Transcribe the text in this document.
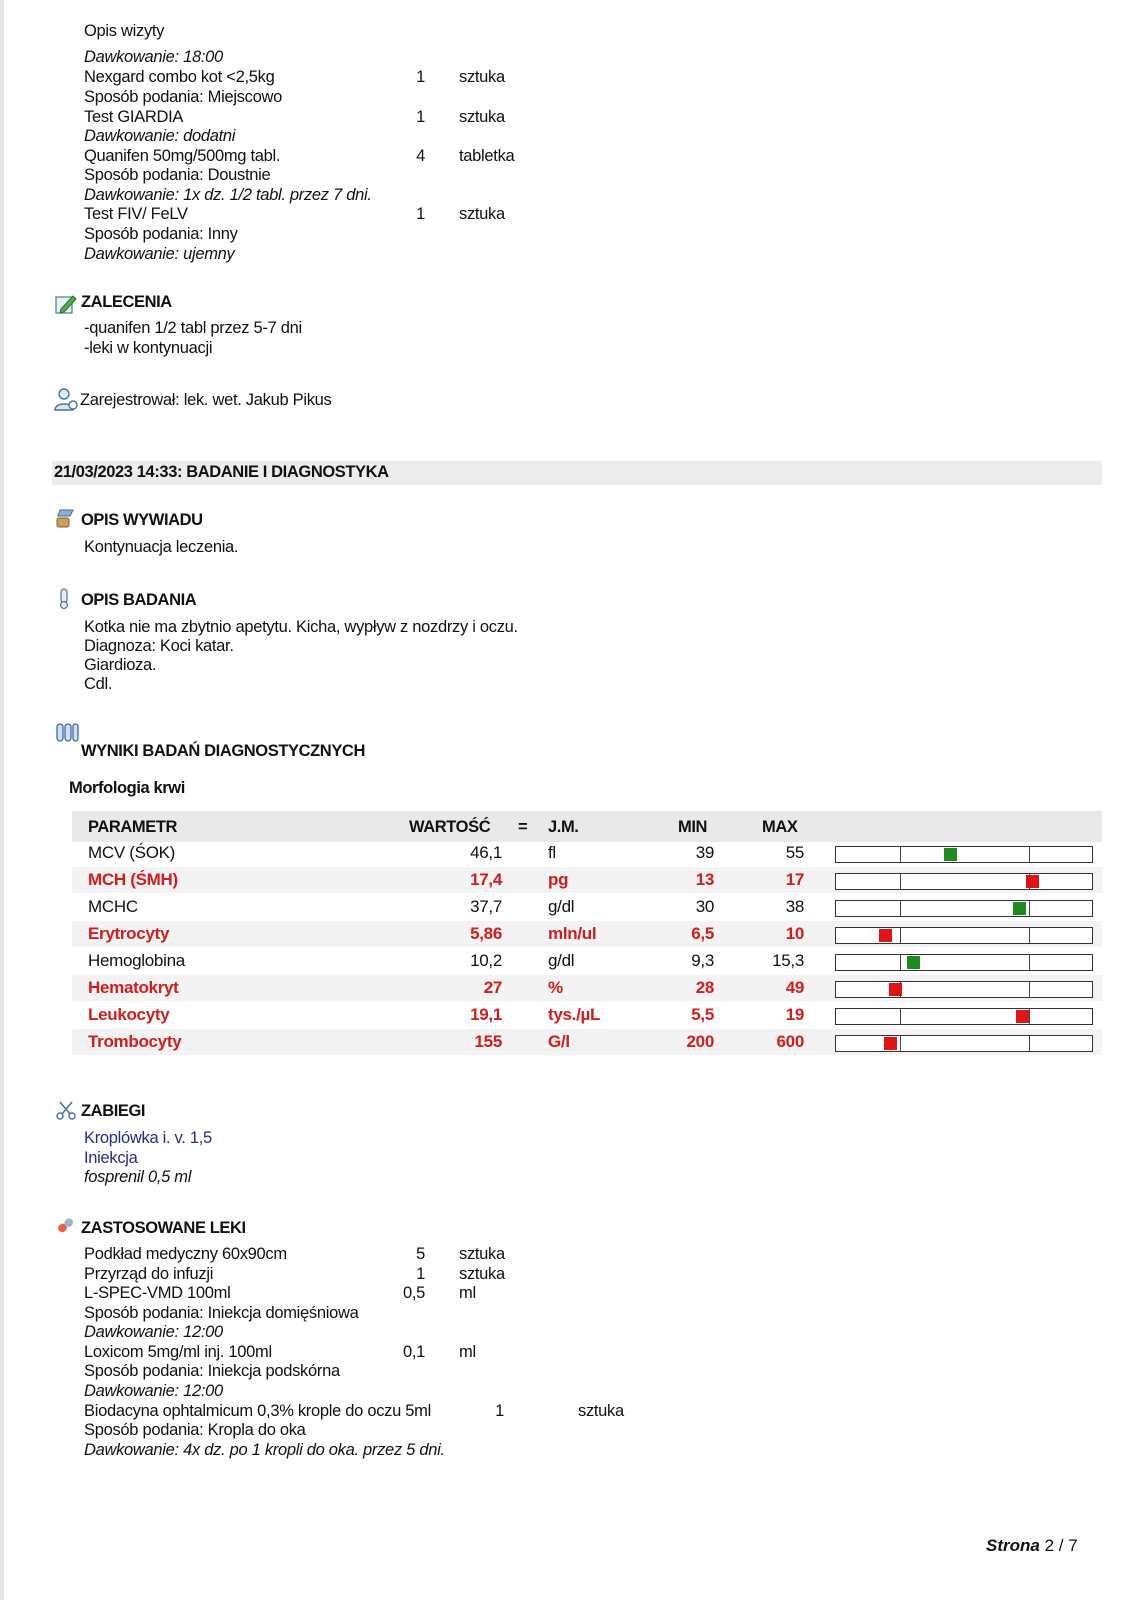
Opis wizyty
Dawkowanie: 18:00
Nexgard combo kot <2,5kg	1 sztuka
Sposób podania: Miejscowo
Test GIARDIA	1 sztuka
Dawkowanie: dodatni
Quanifen 50mg/500mg tabl.	4 tabletka
Sposób podania: Doustnie
Dawkowanie: 1x dz. 1/2 tabl. przez 7 dni.
Test FIV/ FeLV	1 sztuka
Sposób podania: Inny
Dawkowanie: ujemny
ZALECENIA
-quanifen 1/2 tabl przez 5-7 dni
-leki w kontynuacji
Zarejestrował: lek. wet. Jakub Pikus
21/03/2023 14:33: BADANIE I DIAGNOSTYKA
OPIS WYWIADU
Kontynuacja leczenia.
OPIS BADANIA
Kotka nie ma zbytnio apetytu. Kicha, wypływ z nozdrzy i oczu.
Diagnoza: Koci katar.
Giardioza.
Cdl.
WYNIKI BADAŃ DIAGNOSTYCZNYCH
Morfologia krwi
PARAMETR	WARTOŚĆ = J.M.	MIN	MAX
MCV (ŚOK)	46,1	fl	39	55
MCH (ŚMH)	17,4	pg	13	17
MCHC	37,7	g/dl	30	38
Erytrocyty	5,86	mln/ul	6,5	10
Hemoglobina	10,2	g/dl	9,3	15,3
Hematokryt	27	%	28	49
Leukocyty	19,1	tys./µL	5,5	19
Trombocyty	155	G/l	200	600
ZABIEGI
Kroplówka i. v. 1,5
Iniekcja
fosprenil 0,5 ml
ZASTOSOWANE LEKI
Podkład medyczny 60x90cm	5 sztuka
Przyrząd do infuzji	1 sztuka
L-SPEC-VMD 100ml	0,5 ml
Sposób podania: Iniekcja domięśniowa
Dawkowanie: 12:00
Loxicom 5mg/ml inj. 100ml	0,1 ml
Sposób podania: Iniekcja podskórna
Dawkowanie: 12:00
Biodacyna ophtalmicum 0,3% krople do oczu 5ml	1	sztuka
Sposób podania: Kropla do oka
Dawkowanie: 4x dz. po 1 kropli do oka. przez 5 dni.
Strona 2 / 7
